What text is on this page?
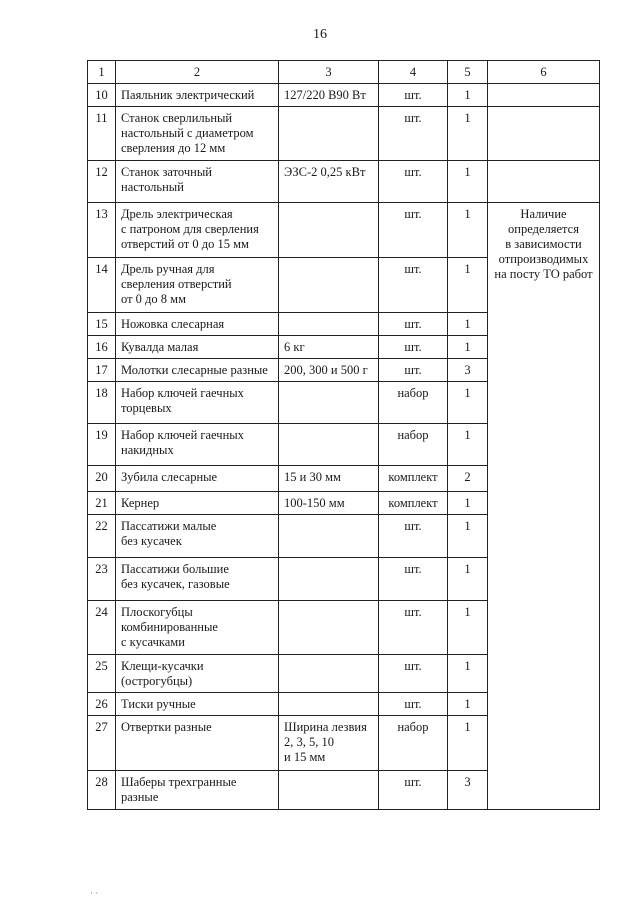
16
1	2	3	4	5	6
10	Паяльник электрический	127/220 В90 Вт	шт.	1	
11	Станок сверлильный
настольный с диаметром
сверления до 12 мм		шт.	1	
12	Станок заточный
настольный	ЭЗС-2 0,25 кВт	шт.	1	
13	Дрель электрическая
с патроном для сверления
отверстий от 0 до 15 мм		шт.	1	Наличие
определяется
в зависимости
отпроизводимых
на посту ТО работ
14	Дрель ручная для
сверления отверстий
от 0 до 8 мм		шт.	1	
15	Ножовка слесарная		шт.	1	
16	Кувалда малая	6 кг	шт.	1	
17	Молотки слесарные разные	200, 300 и 500 г	шт.	3	
18	Набор ключей гаечных
торцевых		набор	1	
19	Набор ключей гаечных
накидных		набор	1	
20	Зубила слесарные	15 и 30 мм	комплект	2	
21	Кернер	100-150 мм	комплект	1	
22	Пассатижи малые
без кусачек		шт.	1	
23	Пассатижи большие
без кусачек, газовые		шт.	1	
24	Плоскогубцы
комбинированные
с кусачками		шт.	1	
25	Клещи-кусачки
(острогубцы)		шт.	1	
26	Тиски ручные		шт.	1	
27	Отвертки разные	Ширина лезвия
2, 3, 5, 10
и 15 мм	набор	1	
28	Шаберы трехгранные
разные		шт.	3	
· ·
